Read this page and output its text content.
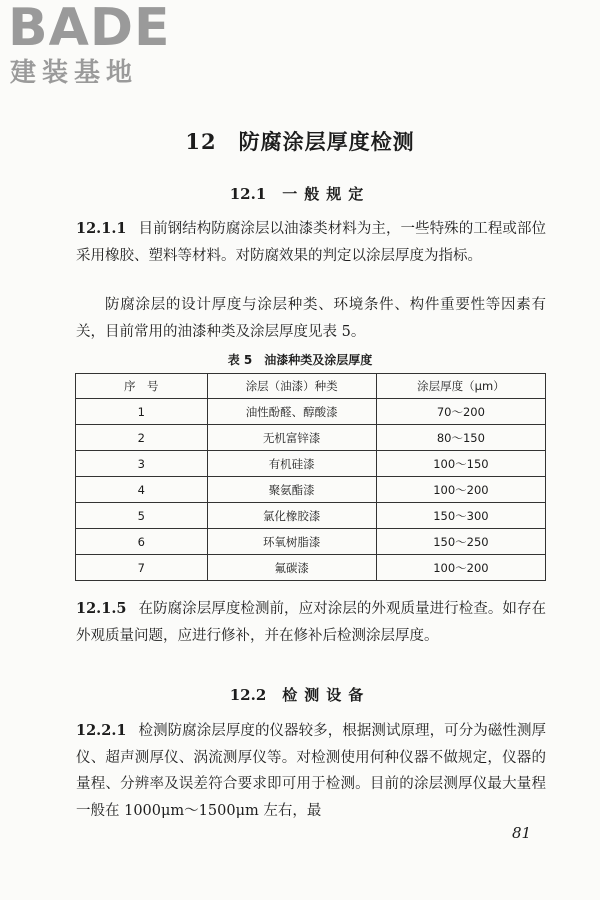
BADE
建装基地
12 防腐涂层厚度检测
12.1 一般规定

12.1.1 目前钢结构防腐涂层以油漆类材料为主，一些特殊的工程或部位采用橡胶、塑料等材料。对防腐效果的判定以涂层厚度为指标。

防腐涂层的设计厚度与涂层种类、环境条件、构件重要性等因素有关，目前常用的油漆种类及涂层厚度见表 5。

表 5 油漆种类及涂层厚度
序　号	涂层（油漆）种类	涂层厚度（μm）
1	油性酚醛、醇酸漆	70～200
2	无机富锌漆	80～150
3	有机硅漆	100～150
4	聚氨酯漆	100～200
5	氯化橡胶漆	150～300
6	环氧树脂漆	150～250
7	氟碳漆	100～200

12.1.5 在防腐涂层厚度检测前，应对涂层的外观质量进行检查。如存在外观质量问题，应进行修补，并在修补后检测涂层厚度。

12.2 检测设备

12.2.1 检测防腐涂层厚度的仪器较多，根据测试原理，可分为磁性测厚仪、超声测厚仪、涡流测厚仪等。对检测使用何种仪器不做规定，仪器的量程、分辨率及误差符合要求即可用于检测。目前的涂层测厚仪最大量程一般在 1000μm～1500μm 左右，最

81
